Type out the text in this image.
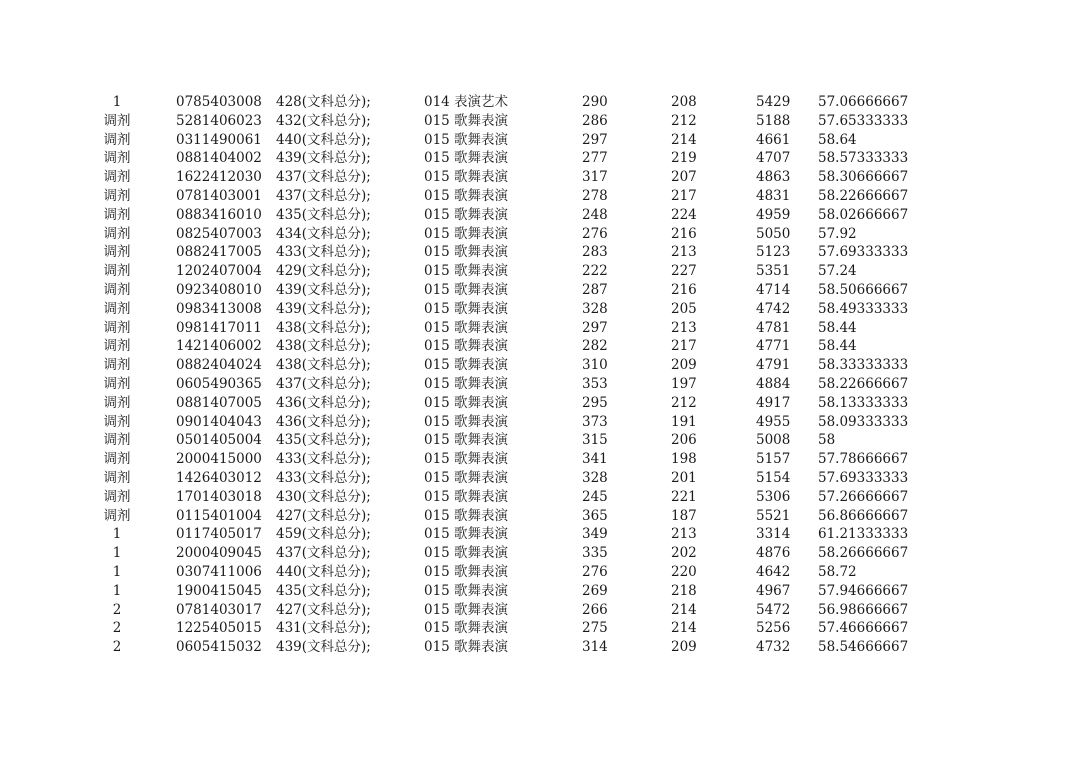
1	0785403008 428(文科总分);	014 表演艺术	290	208	5429 57.06666667
调剂	5281406023 432(文科总分);	015 歌舞表演	286	212	5188 57.65333333
调剂	0311490061 440(文科总分);	015 歌舞表演	297	214	4661 58.64
调剂	0881404002 439(文科总分);	015 歌舞表演	277	219	4707 58.57333333
调剂	1622412030 437(文科总分);	015 歌舞表演	317	207	4863 58.30666667
调剂	0781403001 437(文科总分);	015 歌舞表演	278	217	4831 58.22666667
调剂	0883416010 435(文科总分);	015 歌舞表演	248	224	4959 58.02666667
调剂	0825407003 434(文科总分);	015 歌舞表演	276	216	5050 57.92
调剂	0882417005 433(文科总分);	015 歌舞表演	283	213	5123 57.69333333
调剂	1202407004 429(文科总分);	015 歌舞表演	222	227	5351 57.24
调剂	0923408010 439(文科总分);	015 歌舞表演	287	216	4714 58.50666667
调剂	0983413008 439(文科总分);	015 歌舞表演	328	205	4742 58.49333333
调剂	0981417011 438(文科总分);	015 歌舞表演	297	213	4781 58.44
调剂	1421406002 438(文科总分);	015 歌舞表演	282	217	4771 58.44
调剂	0882404024 438(文科总分);	015 歌舞表演	310	209	4791 58.33333333
调剂	0605490365 437(文科总分);	015 歌舞表演	353	197	4884 58.22666667
调剂	0881407005 436(文科总分);	015 歌舞表演	295	212	4917 58.13333333
调剂	0901404043 436(文科总分);	015 歌舞表演	373	191	4955 58.09333333
调剂	0501405004 435(文科总分);	015 歌舞表演	315	206	5008 58
调剂	2000415000 433(文科总分);	015 歌舞表演	341	198	5157 57.78666667
调剂	1426403012 433(文科总分);	015 歌舞表演	328	201	5154 57.69333333
调剂	1701403018 430(文科总分);	015 歌舞表演	245	221	5306 57.26666667
调剂	0115401004 427(文科总分);	015 歌舞表演	365	187	5521 56.86666667
1	0117405017 459(文科总分);	015 歌舞表演	349	213	3314 61.21333333
1	2000409045 437(文科总分);	015 歌舞表演	335	202	4876 58.26666667
1	0307411006 440(文科总分);	015 歌舞表演	276	220	4642 58.72
1	1900415045 435(文科总分);	015 歌舞表演	269	218	4967 57.94666667
2	0781403017 427(文科总分);	015 歌舞表演	266	214	5472 56.98666667
2	1225405015 431(文科总分);	015 歌舞表演	275	214	5256 57.46666667
2	0605415032 439(文科总分);	015 歌舞表演	314	209	4732 58.54666667
